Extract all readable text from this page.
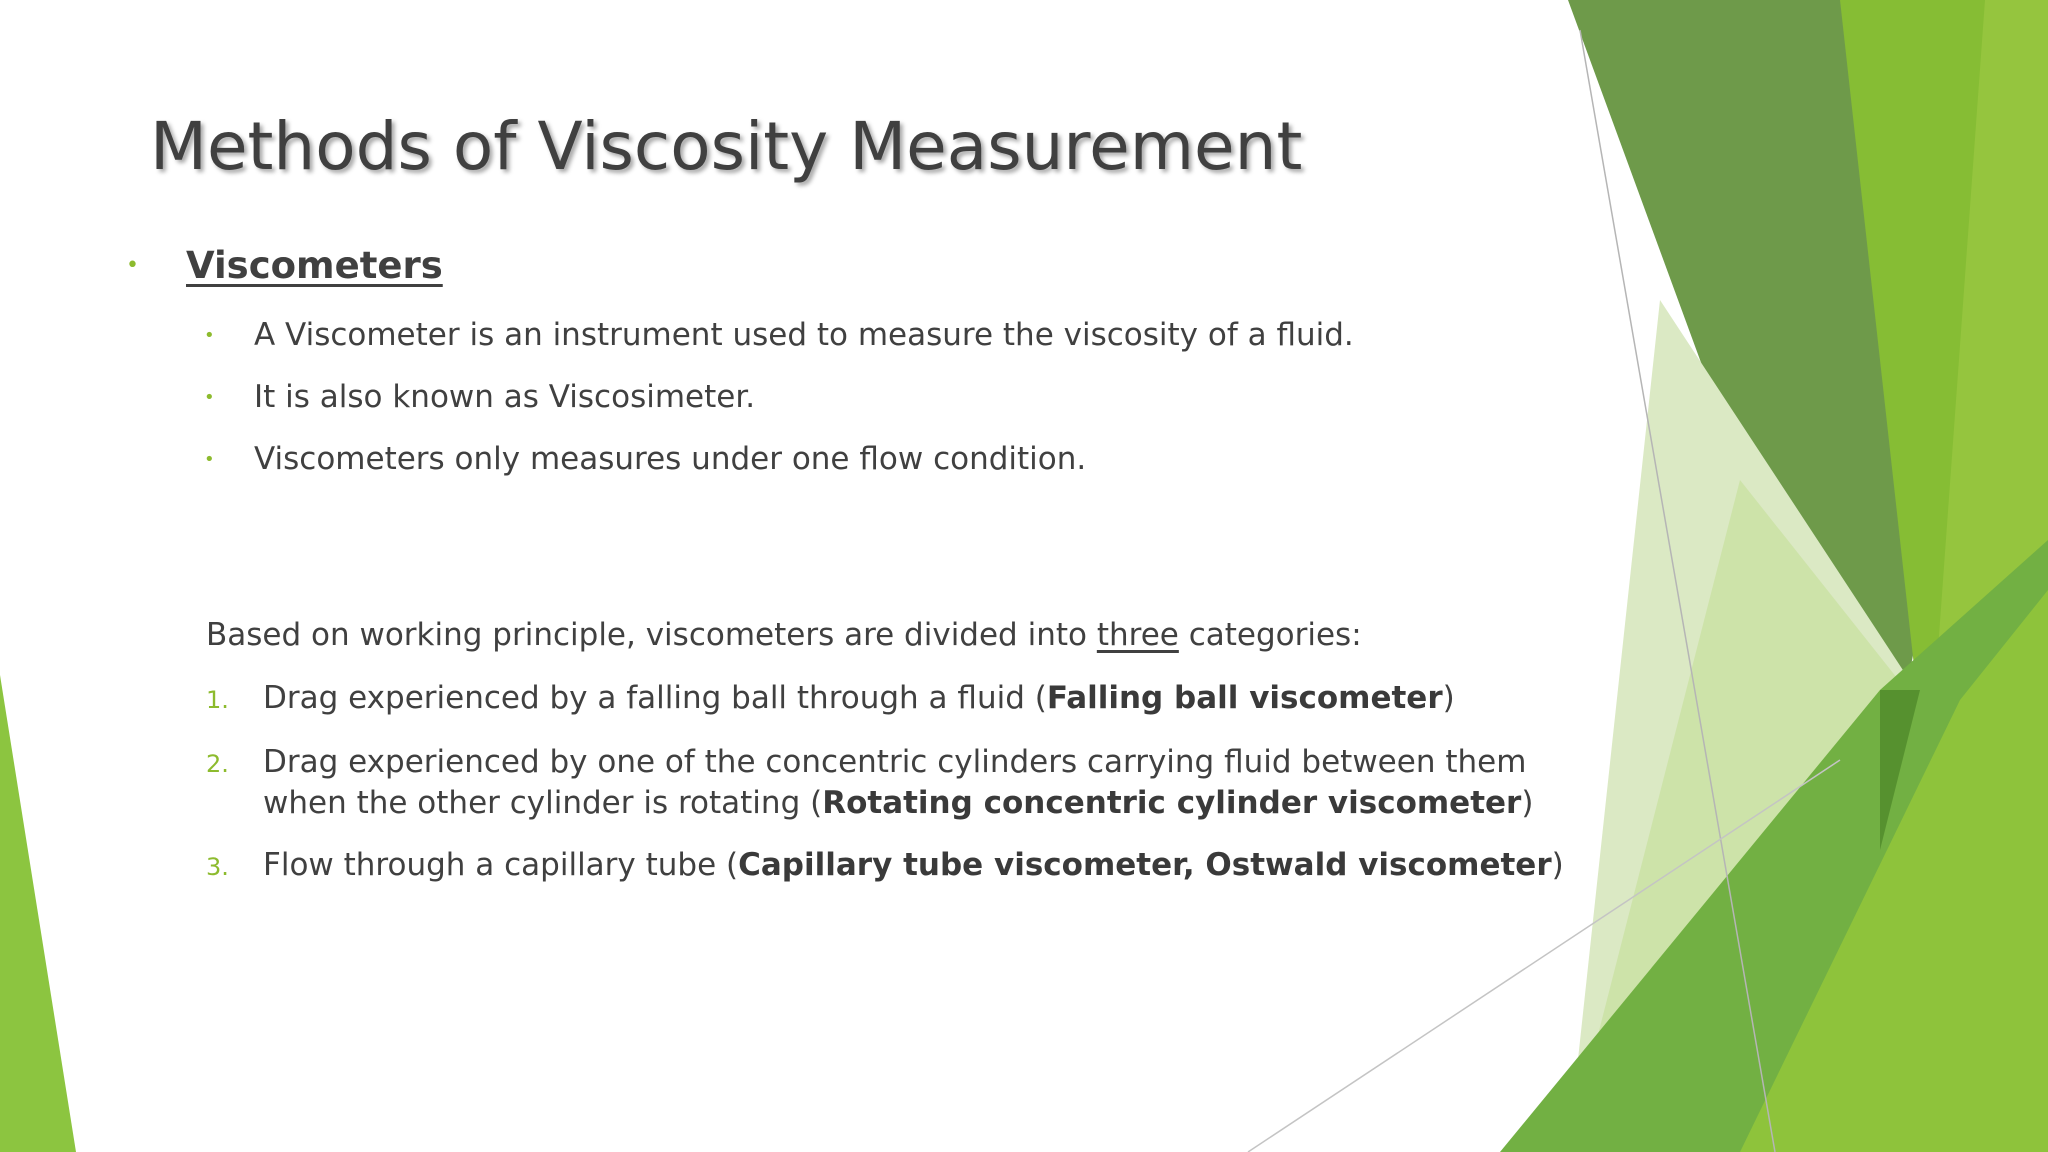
Methods of Viscosity Measurement
•	Viscometers
•	A Viscometer is an instrument used to measure the viscosity of a fluid.
•	It is also known as Viscosimeter.
•	Viscometers only measures under one flow condition.

Based on working principle, viscometers are divided into three categories:

1.	Drag experienced by a falling ball through a fluid (Falling ball viscometer)
2.	Drag experienced by one of the concentric cylinders carrying fluid between them
when the other cylinder is rotating (Rotating concentric cylinder viscometer)
3.	Flow through a capillary tube (Capillary tube viscometer, Ostwald viscometer)
